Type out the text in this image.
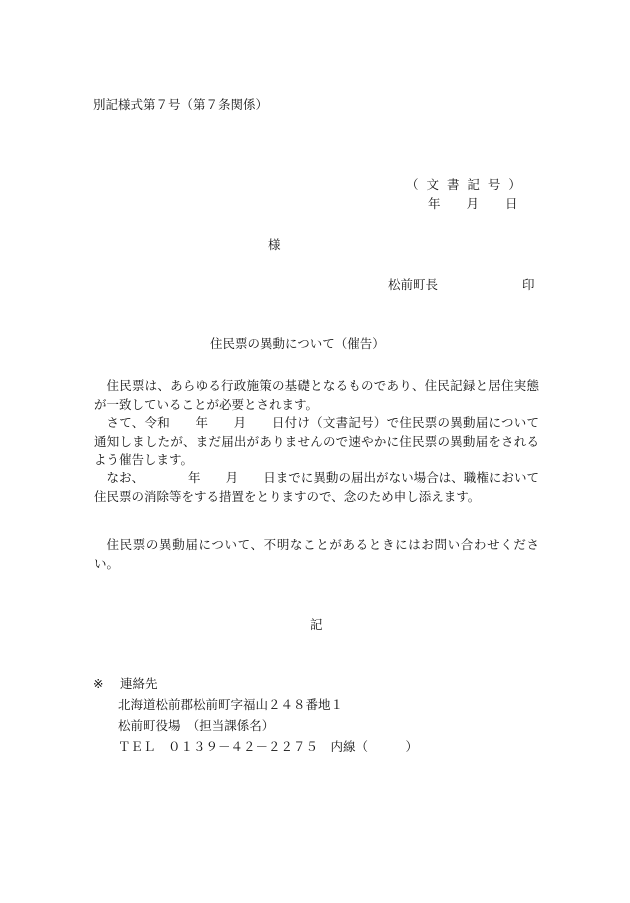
別記様式第７号（第７条関係）
（ 文 書 記 号 ）
年 月 日
様
松前町長	印
住民票の異動について（催告）

住民票は、あらゆる行政施策の基礎となるものであり、住民記録と居住実態が一致していることが必要とされます。

さて、令和　　年　　月　　日付け（文書記号）で住民票の異動届について通知しましたが、まだ届出がありませんので速やかに住民票の異動届をされるよう催告します。

なお、　　　　年　　月　　日までに異動の届出がない場合は、職権において住民票の消除等をする措置をとりますので、念のため申し添えます。

住民票の異動届について、不明なことがあるときにはお問い合わせください。

記
※ 連絡先
北海道松前郡松前町字福山２４８番地１
松前町役場　（担当課係名）
ＴＥＬ　０１３９－４２－２２７５　内線（　　　）
